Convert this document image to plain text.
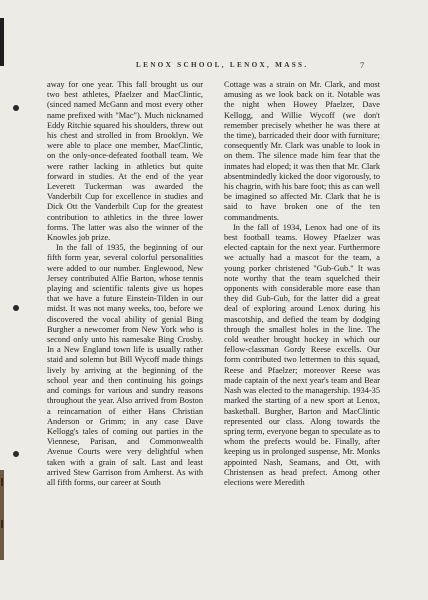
LENOX SCHOOL, LENOX, MASS.	7

away for one year. This fall brought us our two best athletes, Pfaelzer and MacClintic, (sinced named McGann and most every other name prefixed with "Mac"). Much nicknamed Eddy Ritchie squared his shoulders, threw out his chest and strolled in from Brooklyn. We were able to place one member, MacClintic, on the only-once-defeated football team. We were rather lacking in athletics but quite forward in studies. At the end of the year Leverett Tuckerman was awarded the Vanderbilt Cup for excellence in studies and Dick Ott the Vanderbilt Cup for the greatest contribution to athletics in the three lower forms. The latter was also the winner of the Knowles job prize.

In the fall of 1935, the beginning of our fifth form year, several colorful personalities were added to our number. Englewood, New Jersey contributed Alfie Barton, whose tennis playing and scientific talents give us hopes that we have a future Einstein-Tilden in our midst. It was not many weeks, too, before we discovered the vocal ability of genial Bing Burgher a newcomer from New York who is second only unto his namesake Bing Crosby. In a New England town life is usually rather staid and solemn but Bill Wycoff made things lively by arriving at the beginning of the school year and then continuing his goings and comings for various and sundry reasons throughout the year. Also arrived from Boston a reincarnation of either Hans Christian Anderson or Grimm; in any case Dave Kellogg's tales of coming out parties in the Viennese, Parisan, and Commonwealth Avenue Courts were very delightful when taken with a grain of salt. Last and least arrived Stew Garrison from Amherst. As with all fifth forms, our career at South

Cottage was a strain on Mr. Clark, and most amusing as we look back on it. Notable was the night when Howey Pfaelzer, Dave Kellogg, and Willie Wycoff (we don't remember precisely whether he was there at the time), barricaded their door with furniture; consequently Mr. Clark was unable to look in on them. The silence made him fear that the inmates had eloped; it was then that Mr. Clark absentmindedly kicked the door vigorously, to his chagrin, with his bare foot; this as can well be imagined so affected Mr. Clark that he is said to have broken one of the ten commandments.

In the fall of 1934, Lenox had one of its best football teams. Howey Pfaelzer was elected captain for the next year. Furthermore we actually had a mascot for the team, a young porker christened "Gub-Gub." It was note worthy that the team squelched their opponents with considerable more ease than they did Gub-Gub, for the latter did a great deal of exploring around Lenox during his mascotship, and defied the team by dodging through the smallest holes in the line. The cold weather brought hockey in which our fellow-classman Gordy Reese excells. Our form contributed two lettermen to this squad, Reese and Pfaelzer; moreover Reese was made captain of the next year's team and Bear Nash was elected to the managership. 1934-35 marked the starting of a new sport at Lenox, basketball. Burgher, Barton and MacClintic represented our class. Along towards the spring term, everyone began to speculate as to whom the prefects would be. Finally, after keeping us in prolonged suspense, Mr. Monks appointed Nash, Seamans, and Ott, with Christensen as head prefect. Among other elections were Meredith
